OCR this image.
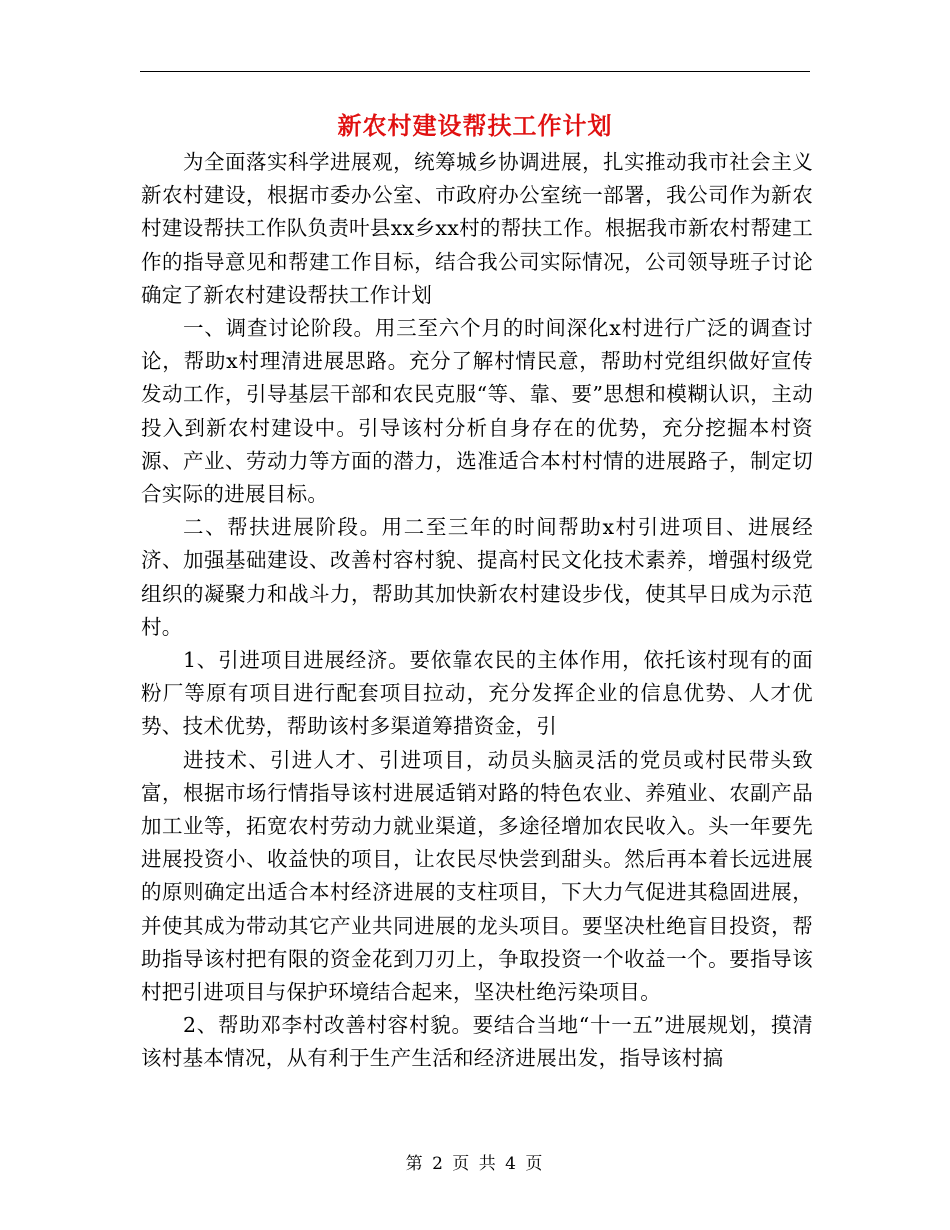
新农村建设帮扶工作计划

为全面落实科学进展观，统筹城乡协调进展，扎实推动我市社会主义新农村建设，根据市委办公室、市政府办公室统一部署，我公司作为新农村建设帮扶工作队负责叶县xx乡xx村的帮扶工作。根据我市新农村帮建工作的指导意见和帮建工作目标，结合我公司实际情况，公司领导班子讨论确定了新农村建设帮扶工作计划

一、调查讨论阶段。用三至六个月的时间深化x村进行广泛的调查讨论，帮助x村理清进展思路。充分了解村情民意，帮助村党组织做好宣传发动工作，引导基层干部和农民克服“等、靠、要”思想和模糊认识，主动投入到新农村建设中。引导该村分析自身存在的优势，充分挖掘本村资源、产业、劳动力等方面的潜力，选准适合本村村情的进展路子，制定切合实际的进展目标。

二、帮扶进展阶段。用二至三年的时间帮助x村引进项目、进展经济、加强基础建设、改善村容村貌、提高村民文化技术素养，增强村级党组织的凝聚力和战斗力，帮助其加快新农村建设步伐，使其早日成为示范村。

1、引进项目进展经济。要依靠农民的主体作用，依托该村现有的面粉厂等原有项目进行配套项目拉动，充分发挥企业的信息优势、人才优势、技术优势，帮助该村多渠道筹措资金，引

进技术、引进人才、引进项目，动员头脑灵活的党员或村民带头致富，根据市场行情指导该村进展适销对路的特色农业、养殖业、农副产品加工业等，拓宽农村劳动力就业渠道，多途径增加农民收入。头一年要先进展投资小、收益快的项目，让农民尽快尝到甜头。然后再本着长远进展的原则确定出适合本村经济进展的支柱项目，下大力气促进其稳固进展，并使其成为带动其它产业共同进展的龙头项目。要坚决杜绝盲目投资，帮助指导该村把有限的资金花到刀刃上，争取投资一个收益一个。要指导该村把引进项目与保护环境结合起来，坚决杜绝污染项目。

2、帮助邓李村改善村容村貌。要结合当地“十一五”进展规划，摸清该村基本情况，从有利于生产生活和经济进展出发，指导该村搞

第 2 页 共 4 页
